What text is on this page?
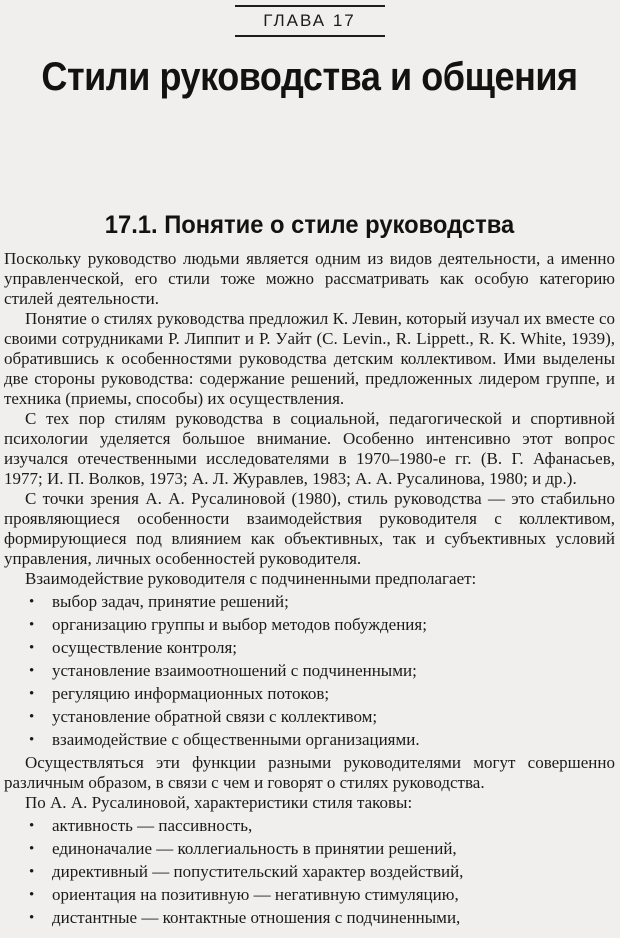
ГЛАВА 17
Стили руководства и общения
17.1. Понятие о стиле руководства

Поскольку руководство людьми является одним из видов деятельности, а именно управленческой, его стили тоже можно рассматривать как особую категорию стилей деятельности.

Понятие о стилях руководства предложил К. Левин, который изучал их вместе со своими сотрудниками Р. Липпит и Р. Уайт (C. Levin., R. Lippett., R. K. White, 1939), обратившись к особенностями руководства детским коллективом. Ими выделены две стороны руководства: содержание решений, предложенных лидером группе, и техника (приемы, способы) их осуществления.

С тех пор стилям руководства в социальной, педагогической и спортивной психологии уделяется большое внимание. Особенно интенсивно этот вопрос изучался отечественными исследователями в 1970–1980-е гг. (В. Г. Афанасьев, 1977; И. П. Волков, 1973; А. Л. Журавлев, 1983; А. А. Русалинова, 1980; и др.).

С точки зрения А. А. Русалиновой (1980), стиль руководства — это стабильно проявляющиеся особенности взаимодействия руководителя с коллективом, формирующиеся под влиянием как объективных, так и субъективных условий управления, личных особенностей руководителя.

Взаимодействие руководителя с подчиненными предполагает:

•	выбор задач, принятие решений;
•	организацию группы и выбор методов побуждения;
•	осуществление контроля;
•	установление взаимоотношений с подчиненными;
•	регуляцию информационных потоков;
•	установление обратной связи с коллективом;
•	взаимодействие с общественными организациями.

Осуществляться эти функции разными руководителями могут совершенно различным образом, в связи с чем и говорят о стилях руководства.

По А. А. Русалиновой, характеристики стиля таковы:

•	активность — пассивность,
•	единоначалие — коллегиальность в принятии решений,
•	директивный — попустительский характер воздействий,
•	ориентация на позитивную — негативную стимуляцию,
•	дистантные — контактные отношения с подчиненными,
